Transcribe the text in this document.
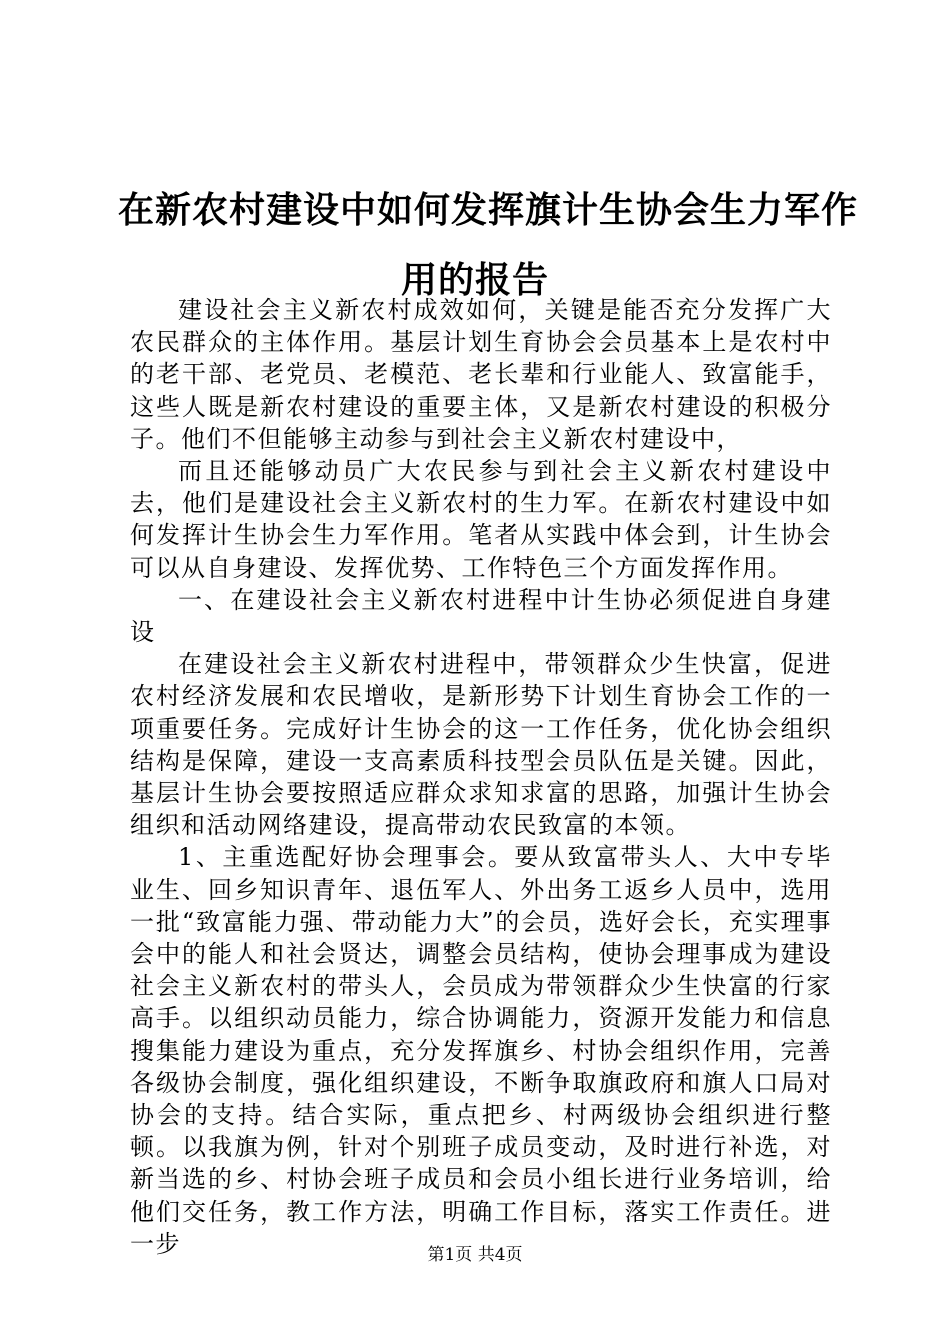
在新农村建设中如何发挥旗计生协会生力军作
用的报告

建设社会主义新农村成效如何，关键是能否充分发挥广大农民群众的主体作用。基层计划生育协会会员基本上是农村中的老干部、老党员、老模范、老长辈和行业能人、致富能手，这些人既是新农村建设的重要主体，又是新农村建设的积极分子。他们不但能够主动参与到社会主义新农村建设中，

而且还能够动员广大农民参与到社会主义新农村建设中去，他们是建设社会主义新农村的生力军。在新农村建设中如何发挥计生协会生力军作用。笔者从实践中体会到，计生协会可以从自身建设、发挥优势、工作特色三个方面发挥作用。

一、在建设社会主义新农村进程中计生协必须促进自身建设

在建设社会主义新农村进程中，带领群众少生快富，促进农村经济发展和农民增收，是新形势下计划生育协会工作的一项重要任务。完成好计生协会的这一工作任务，优化协会组织结构是保障，建设一支高素质科技型会员队伍是关键。因此，基层计生协会要按照适应群众求知求富的思路，加强计生协会组织和活动网络建设，提高带动农民致富的本领。

1、主重选配好协会理事会。要从致富带头人、大中专毕业生、回乡知识青年、退伍军人、外出务工返乡人员中，选用一批“致富能力强、带动能力大”的会员，选好会长，充实理事会中的能人和社会贤达，调整会员结构，使协会理事成为建设社会主义新农村的带头人，会员成为带领群众少生快富的行家高手。以组织动员能力，综合协调能力，资源开发能力和信息搜集能力建设为重点，充分发挥旗乡、村协会组织作用，完善各级协会制度，强化组织建设，不断争取旗政府和旗人口局对协会的支持。结合实际，重点把乡、村两级协会组织进行整顿。以我旗为例，针对个别班子成员变动，及时进行补选，对新当选的乡、村协会班子成员和会员小组长进行业务培训，给他们交任务，教工作方法，明确工作目标，落实工作责任。进一步	第1页 共4页
